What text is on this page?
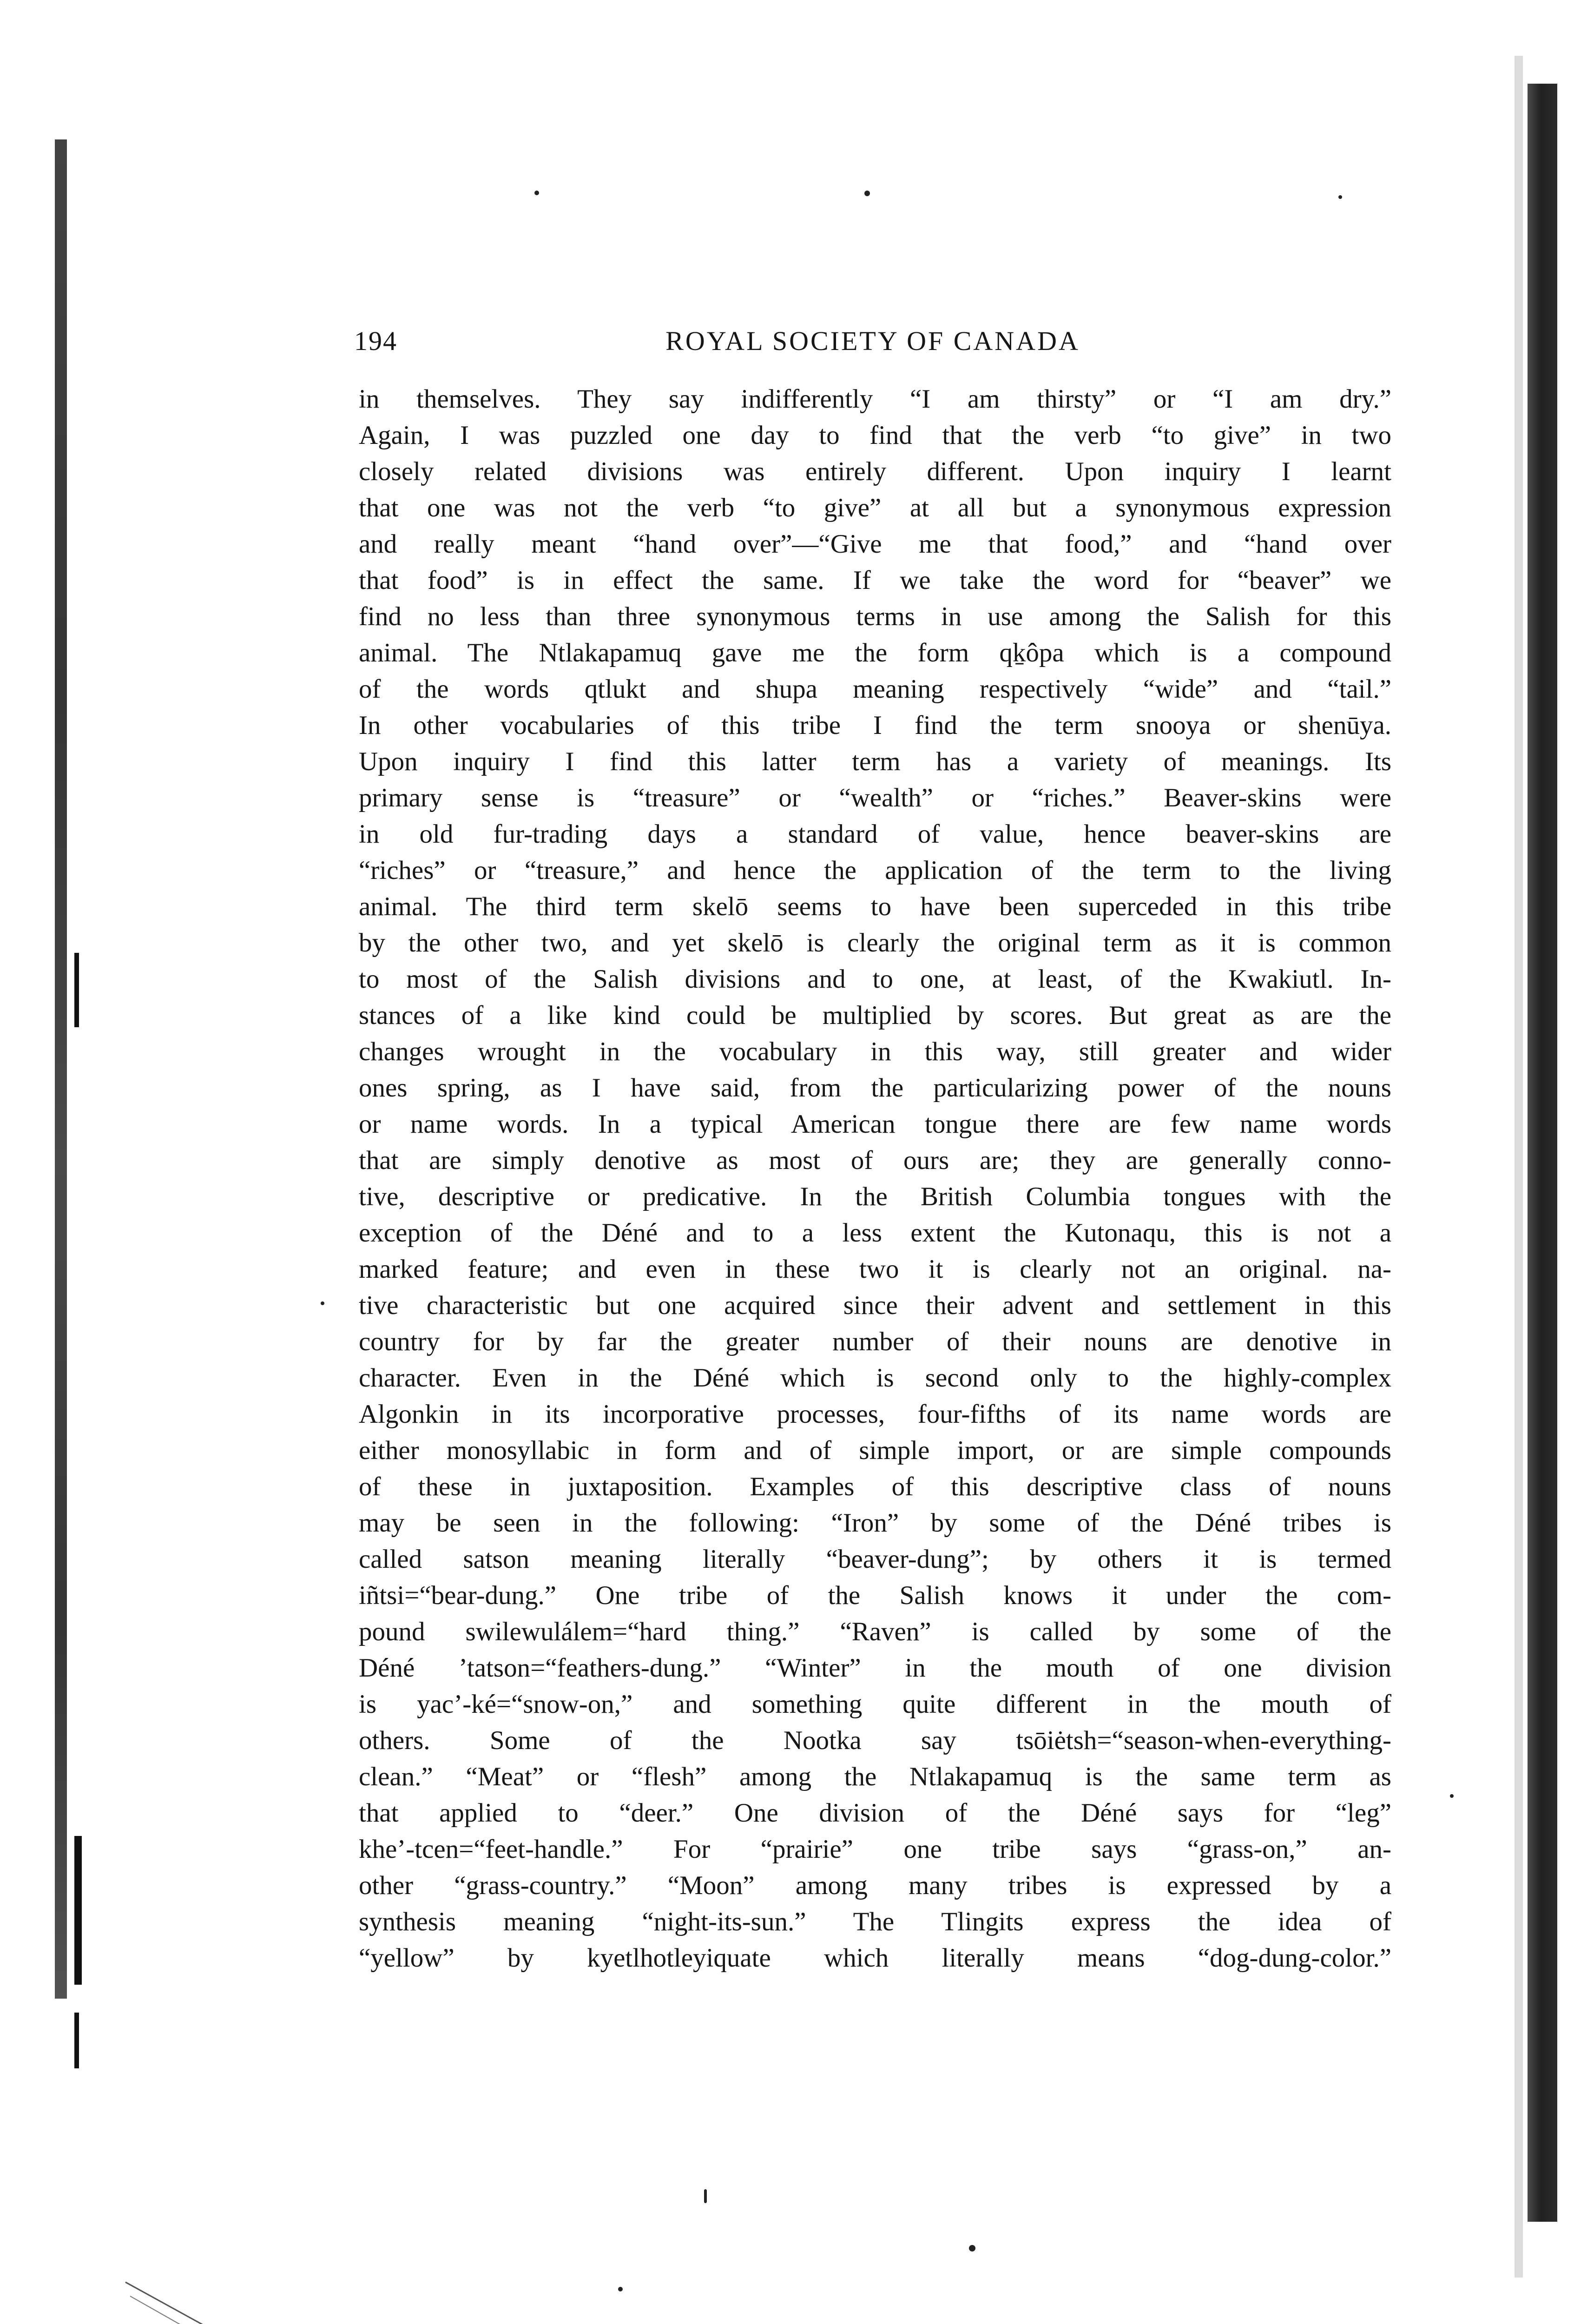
194	ROYAL SOCIETY OF CANADA
in themselves. They say indifferently “I am thirsty” or “I am dry.”
Again, I was puzzled one day to find that the verb “to give” in two
closely related divisions was entirely different. Upon inquiry I learnt
that one was not the verb “to give” at all but a synonymous expression
and really meant “hand over”—“Give me that food,” and “hand over
that food” is in effect the same. If we take the word for “beaver” we
find no less than three synonymous terms in use among the Salish for this
animal. The Ntlakapamuq gave me the form qḵôpa which is a compound
of the words qtlukt and shupa meaning respectively “wide” and “tail.”
In other vocabularies of this tribe I find the term snooya or shenūya.
Upon inquiry I find this latter term has a variety of meanings. Its
primary sense is “treasure” or “wealth” or “riches.” Beaver-skins were
in old fur-trading days a standard of value, hence beaver-skins are
“riches” or “treasure,” and hence the application of the term to the living
animal. The third term skelō seems to have been superceded in this tribe
by the other two, and yet skelō is clearly the original term as it is common
to most of the Salish divisions and to one, at least, of the Kwakiutl. In-
stances of a like kind could be multiplied by scores. But great as are the
changes wrought in the vocabulary in this way, still greater and wider
ones spring, as I have said, from the particularizing power of the nouns
or name words. In a typical American tongue there are few name words
that are simply denotive as most of ours are; they are generally conno-
tive, descriptive or predicative. In the British Columbia tongues with the
exception of the Déné and to a less extent the Kutonaqu, this is not a
marked feature; and even in these two it is clearly not an original. na-
tive characteristic but one acquired since their advent and settlement in this
country for by far the greater number of their nouns are denotive in
character. Even in the Déné which is second only to the highly-complex
Algonkin in its incorporative processes, four-fifths of its name words are
either monosyllabic in form and of simple import, or are simple compounds
of these in juxtaposition. Examples of this descriptive class of nouns
may be seen in the following: “Iron” by some of the Déné tribes is
called satson meaning literally “beaver-dung”; by others it is termed
iñtsi=“bear-dung.” One tribe of the Salish knows it under the com-
pound swilewulálem=“hard thing.” “Raven” is called by some of the
Déné ’tatson=“feathers-dung.” “Winter” in the mouth of one division
is yac’-ké=“snow-on,” and something quite different in the mouth of
others. Some of the Nootka say tsōiėtsh=“season-when-everything-
clean.” “Meat” or “flesh” among the Ntlakapamuq is the same term as
that applied to “deer.” One division of the Déné says for “leg”
khe’-tcen=“feet-handle.” For “prairie” one tribe says “grass-on,” an-
other “grass-country.” “Moon” among many tribes is expressed by a
synthesis meaning “night-its-sun.” The Tlingits express the idea of
“yellow” by kyetlhotleyiquate which literally means “dog-dung-color.”
